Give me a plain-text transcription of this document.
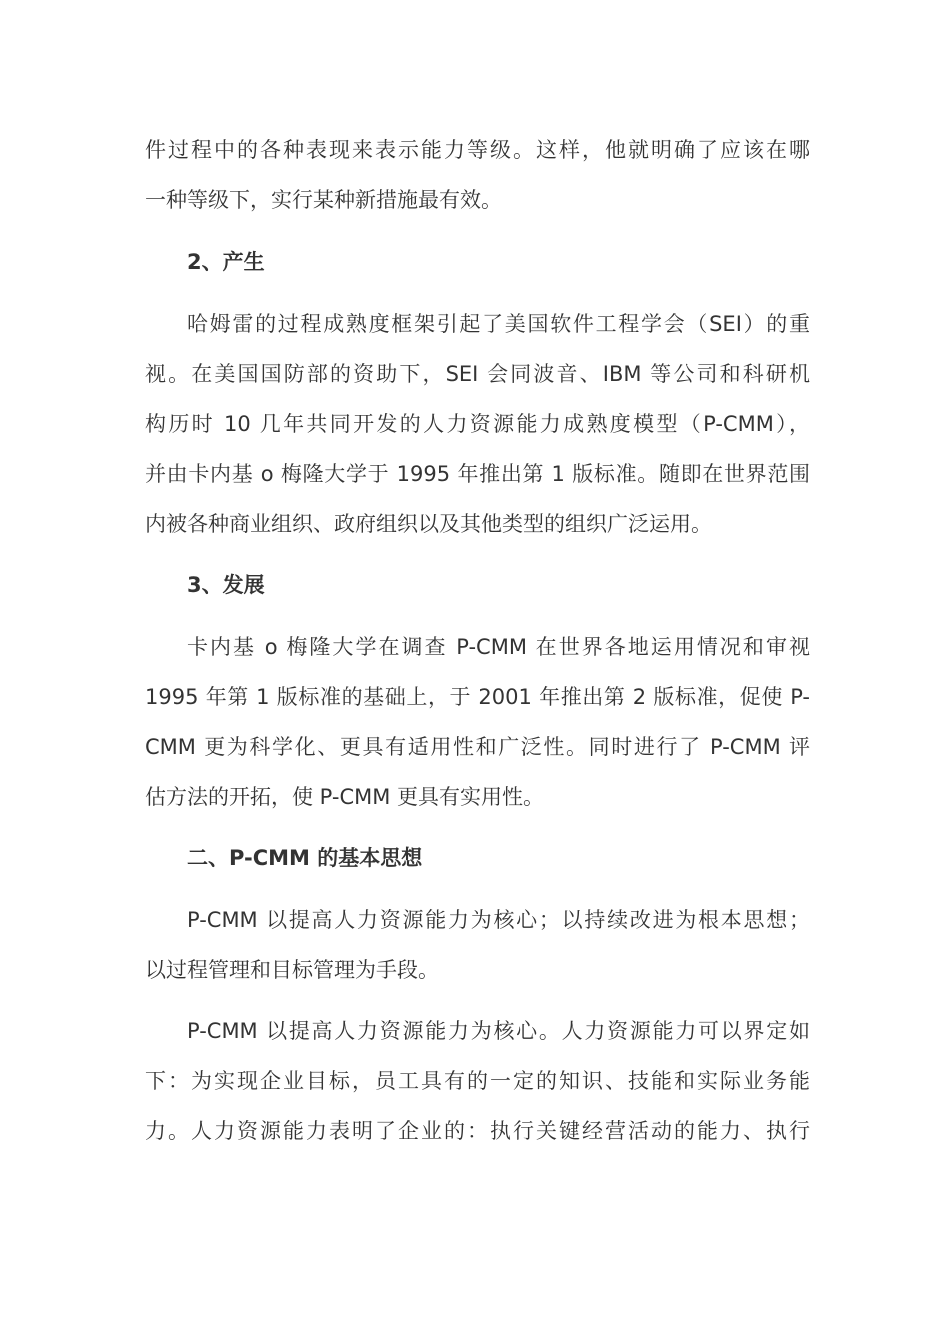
件过程中的各种表现来表示能力等级。这样，他就明确了应该在哪
一种等级下，实行某种新措施最有效。
2、产生
哈姆雷的过程成熟度框架引起了美国软件工程学会（SEI）的重
视。在美国国防部的资助下，SEI 会同波音、IBM 等公司和科研机
构历时 10 几年共同开发的人力资源能力成熟度模型（P-CMM），
并由卡内基 o 梅隆大学于 1995 年推出第 1 版标准。随即在世界范围
内被各种商业组织、政府组织以及其他类型的组织广泛运用。
3、发展
卡内基 o 梅隆大学在调查 P-CMM 在世界各地运用情况和审视
1995 年第 1 版标准的基础上，于 2001 年推出第 2 版标准，促使 P-
CMM 更为科学化、更具有适用性和广泛性。同时进行了 P-CMM 评
估方法的开拓，使 P-CMM 更具有实用性。
二、P-CMM 的基本思想
P-CMM 以提高人力资源能力为核心；以持续改进为根本思想；
以过程管理和目标管理为手段。
P-CMM 以提高人力资源能力为核心。人力资源能力可以界定如
下：为实现企业目标，员工具有的一定的知识、技能和实际业务能
力。人力资源能力表明了企业的：执行关键经营活动的能力、执行
